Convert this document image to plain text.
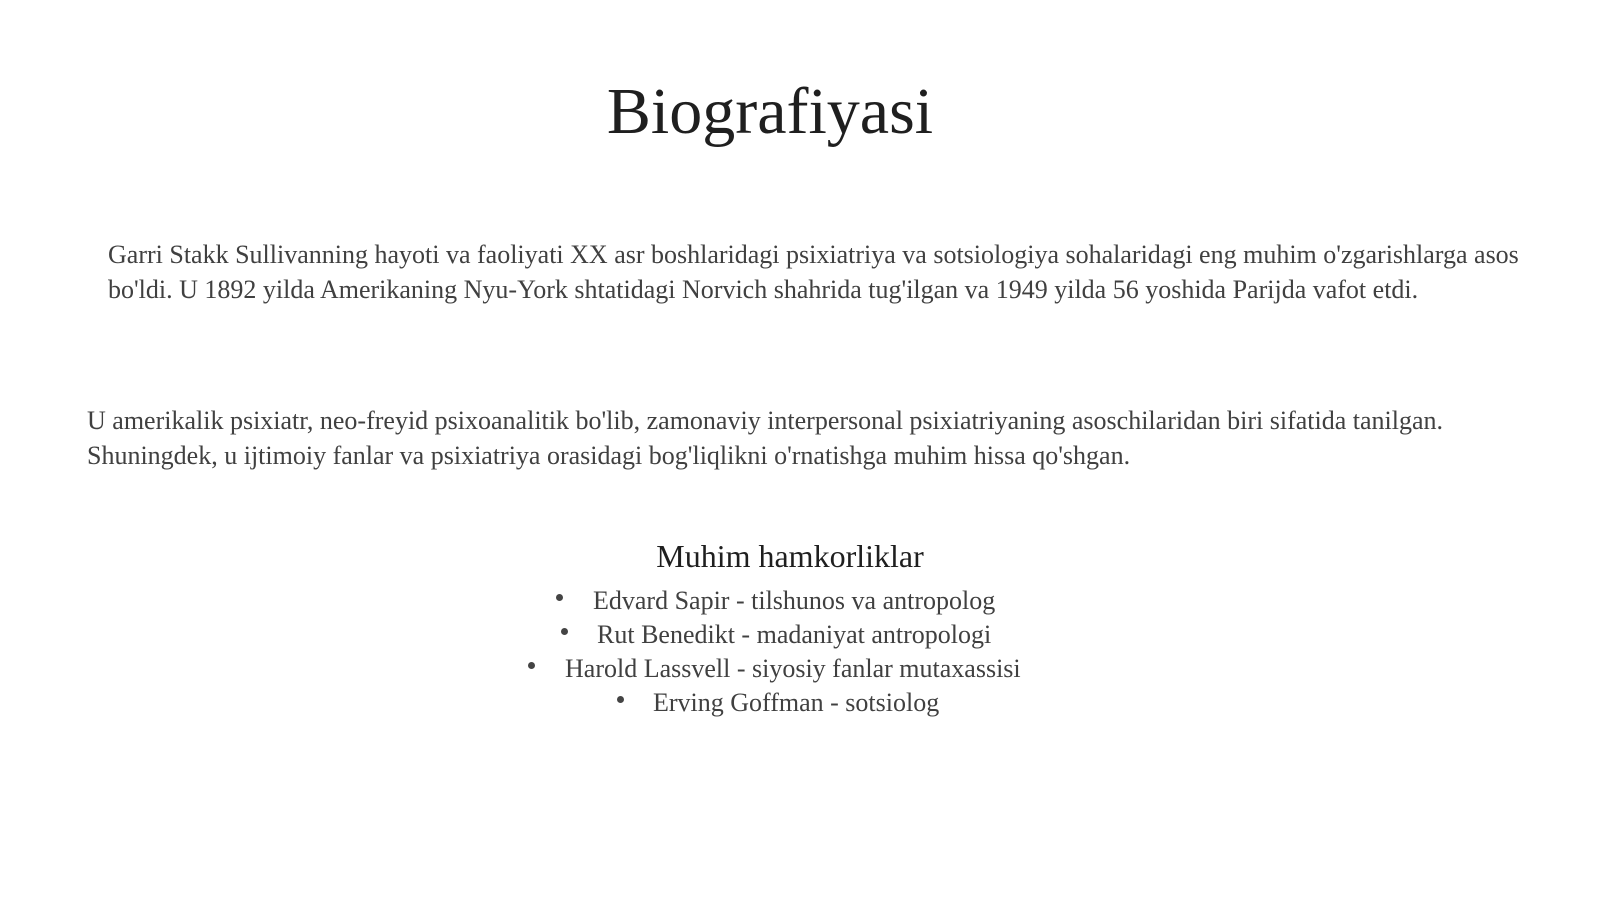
Biografiyasi

Garri Stakk Sullivanning hayoti va faoliyati XX asr boshlaridagi psixiatriya va sotsiologiya sohalaridagi eng muhim o'zgarishlarga asos bo'ldi. U 1892 yilda Amerikaning Nyu-York shtatidagi Norvich shahrida tug'ilgan va 1949 yilda 56 yoshida Parijda vafot etdi.

U amerikalik psixiatr, neo-freyid psixoanalitik bo'lib, zamonaviy interpersonal psixiatriyaning asoschilaridan biri sifatida tanilgan. Shuningdek, u ijtimoiy fanlar va psixiatriya orasidagi bog'liqlikni o'rnatishga muhim hissa qo'shgan.

Muhim hamkorliklar
Edvard Sapir - tilshunos va antropolog
Rut Benedikt - madaniyat antropologi
Harold Lassvell - siyosiy fanlar mutaxassisi
Erving Goffman - sotsiolog
